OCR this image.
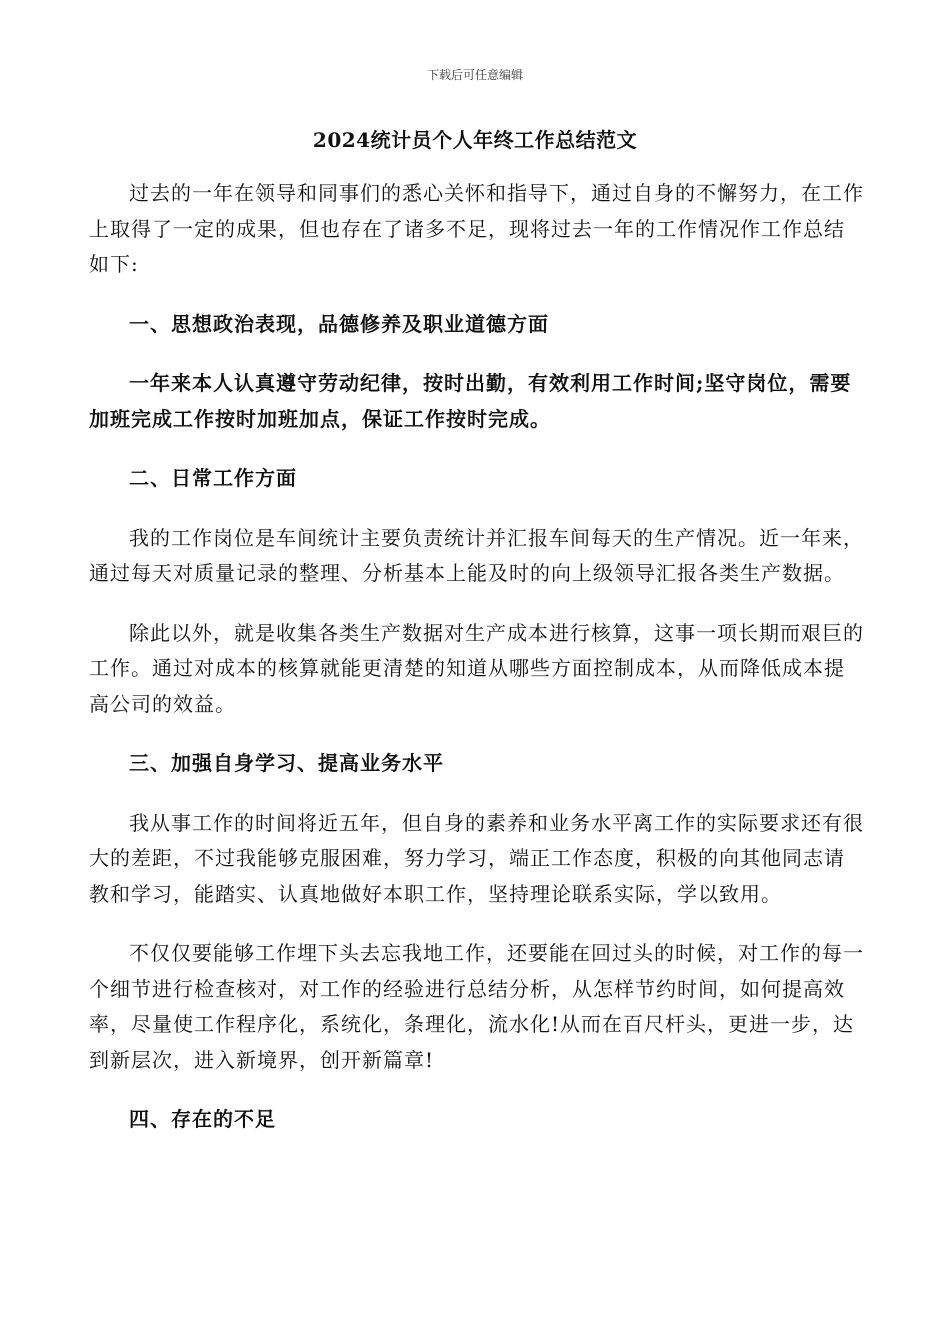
下载后可任意编辑
2024统计员个人年终工作总结范文

过去的一年在领导和同事们的悉心关怀和指导下，通过自身的不懈努力，在工作上取得了一定的成果，但也存在了诸多不足，现将过去一年的工作情况作工作总结如下:

一、思想政治表现，品德修养及职业道德方面

一年来本人认真遵守劳动纪律，按时出勤，有效利用工作时间;坚守岗位，需要加班完成工作按时加班加点，保证工作按时完成。

二、日常工作方面

我的工作岗位是车间统计主要负责统计并汇报车间每天的生产情况。近一年来，通过每天对质量记录的整理、分析基本上能及时的向上级领导汇报各类生产数据。

除此以外，就是收集各类生产数据对生产成本进行核算，这事一项长期而艰巨的工作。通过对成本的核算就能更清楚的知道从哪些方面控制成本，从而降低成本提高公司的效益。

三、加强自身学习、提高业务水平

我从事工作的时间将近五年，但自身的素养和业务水平离工作的实际要求还有很大的差距，不过我能够克服困难，努力学习，端正工作态度，积极的向其他同志请教和学习，能踏实、认真地做好本职工作，坚持理论联系实际，学以致用。

不仅仅要能够工作埋下头去忘我地工作，还要能在回过头的时候，对工作的每一个细节进行检查核对，对工作的经验进行总结分析，从怎样节约时间，如何提高效率，尽量使工作程序化，系统化，条理化，流水化!从而在百尺杆头，更进一步，达到新层次，进入新境界，创开新篇章!

四、存在的不足
